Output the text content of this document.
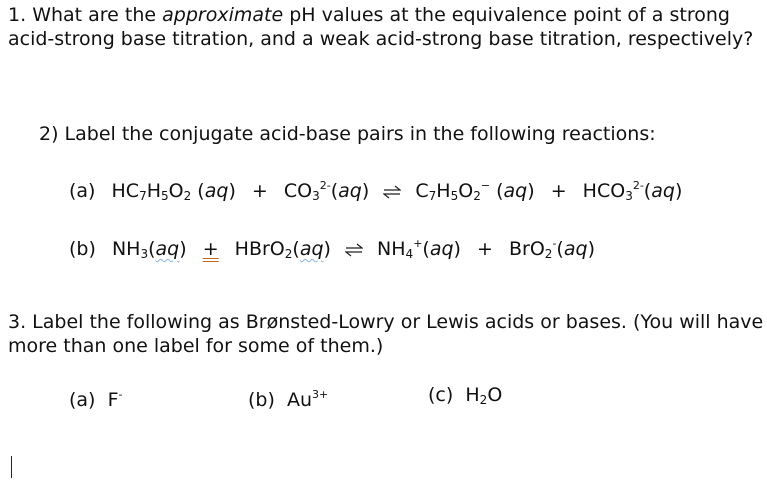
1. What are the approximate pH values at the equivalence point of a strong
acid-strong base titration, and a weak acid-strong base titration, respectively?
2) Label the conjugate acid-base pairs in the following reactions:
(a) $HC_7H_5O_2$ $(aq) + CO_3^{2-}(aq)$ ⇌ $C_7H_5O_2^-$ $(aq) + HCO_3^{2-}(aq)$
(b) $NH_3(aq)$ + HBrO$_2$(aq) ⇌ $NH_4^+(aq) + BrO_2^-(aq)$
3. Label the following as Brønsted-Lowry or Lewis acids or bases. (You will have
more than one label for some of them.)
(a) F-	(b) $Au^{3+}$	(c) $H_2O$
